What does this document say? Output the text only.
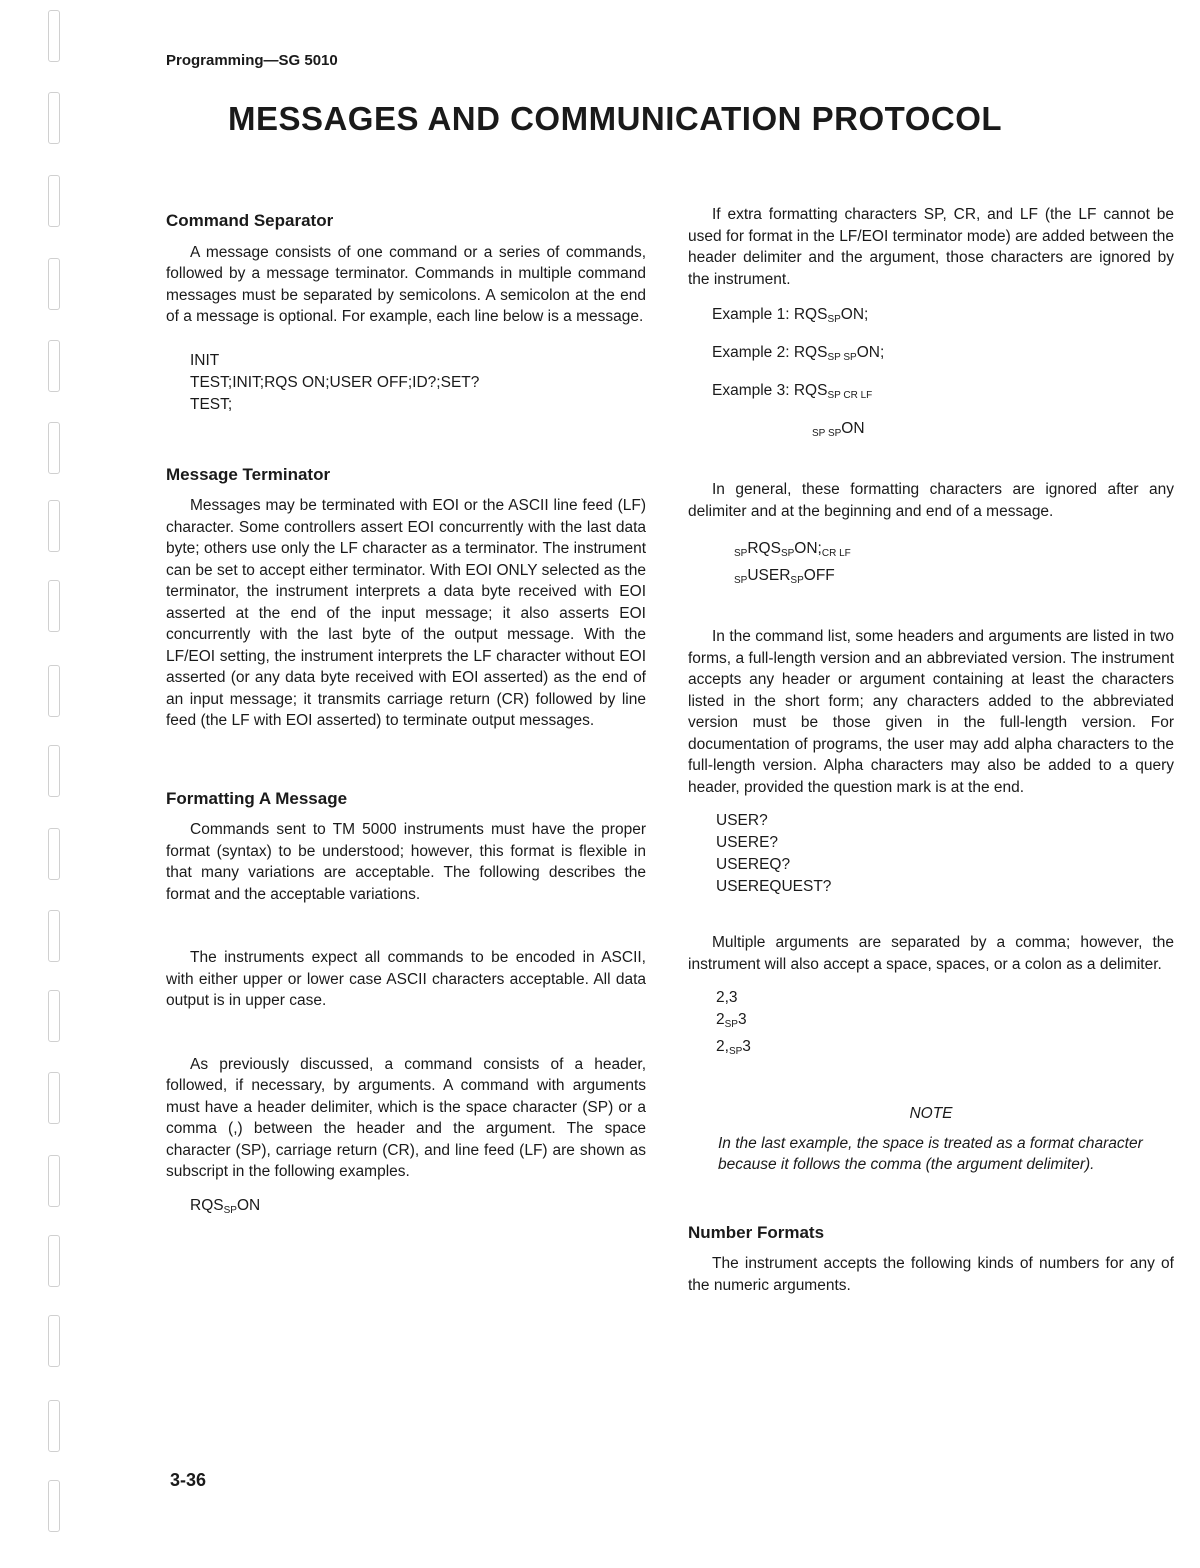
Programming—SG 5010
MESSAGES AND COMMUNICATION PROTOCOL
Command Separator

A message consists of one command or a series of commands, followed by a message terminator. Commands in multiple command messages must be separated by semicolons. A semicolon at the end of a message is optional. For example, each line below is a message.

INIT
TEST;INIT;RQS ON;USER OFF;ID?;SET?
TEST;
Message Terminator

Messages may be terminated with EOI or the ASCII line feed (LF) character. Some controllers assert EOI concurrently with the last data byte; others use only the LF character as a terminator. The instrument can be set to accept either terminator. With EOI ONLY selected as the terminator, the instrument interprets a data byte received with EOI asserted at the end of the input message; it also asserts EOI concurrently with the last byte of the output message. With the LF/EOI setting, the instrument interprets the LF character without EOI asserted (or any data byte received with EOI asserted) as the end of an input message; it transmits carriage return (CR) followed by line feed (the LF with EOI asserted) to terminate output messages.

Formatting A Message

Commands sent to TM 5000 instruments must have the proper format (syntax) to be understood; however, this format is flexible in that many variations are acceptable. The following describes the format and the acceptable variations.

The instruments expect all commands to be encoded in ASCII, with either upper or lower case ASCII characters acceptable. All data output is in upper case.

As previously discussed, a command consists of a header, followed, if necessary, by arguments. A command with arguments must have a header delimiter, which is the space character (SP) or a comma (,) between the header and the argument. The space character (SP), carriage return (CR), and line feed (LF) are shown as subscript in the following examples.

$RQS_{SP}ON$

If extra formatting characters SP, CR, and LF (the LF cannot be used for format in the LF/EOI terminator mode) are added between the header delimiter and the argument, those characters are ignored by the instrument.

Example 1: $RQS_{SP}ON$;
Example 2: $RQS_{SP SP}ON$;
Example 3: $RQS_{SP CR LF}$
$_{SP SP}$ON

In general, these formatting characters are ignored after any delimiter and at the beginning and end of a message.

$_{SP}RQS_{SP}ON;_{CR LF}$
$_{SP}USER_{SP}OFF$

In the command list, some headers and arguments are listed in two forms, a full-length version and an abbreviated version. The instrument accepts any header or argument containing at least the characters listed in the short form; any characters added to the abbreviated version must be those given in the full-length version. For documentation of programs, the user may add alpha characters to the full-length version. Alpha characters may also be added to a query header, provided the question mark is at the end.

USER?
USERE?
USEREQ?
USEREQUEST?

Multiple arguments are separated by a comma; however, the instrument will also accept a space, spaces, or a colon as a delimiter.

2,3
$2_{SP}3$
$2,_{SP}3$
NOTE
In the last example, the space is treated as a format character because it follows the comma (the argument delimiter).
Number Formats

The instrument accepts the following kinds of numbers for any of the numeric arguments.

3-36
